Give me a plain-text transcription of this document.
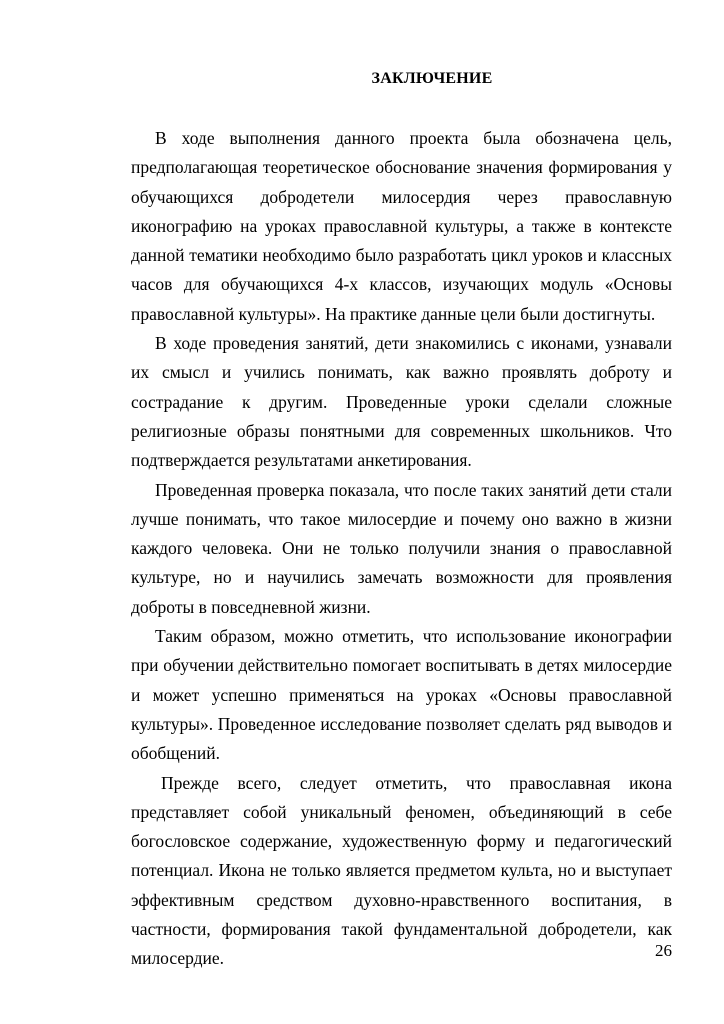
ЗАКЛЮЧЕНИЕ

В ходе выполнения данного проекта была обозначена цель, предполагающая теоретическое обоснование значения формирования у обучающихся добродетели милосердия через православную иконографию на уроках православной культуры, а также в контексте данной тематики необходимо было разработать цикл уроков и классных часов для обучающихся 4-х классов, изучающих модуль «Основы православной культуры». На практике данные цели были достигнуты.

В ходе проведения занятий, дети знакомились с иконами, узнавали их смысл и учились понимать, как важно проявлять доброту и сострадание к другим. Проведенные уроки сделали сложные религиозные образы понятными для современных школьников. Что подтверждается результатами анкетирования.

Проведенная проверка показала, что после таких занятий дети стали лучше понимать, что такое милосердие и почему оно важно в жизни каждого человека. Они не только получили знания о православной культуре, но и научились замечать возможности для проявления доброты в повседневной жизни.

Таким образом, можно отметить, что использование иконографии при обучении действительно помогает воспитывать в детях милосердие и может успешно применяться на уроках «Основы православной культуры». Проведенное исследование позволяет сделать ряд выводов и обобщений.

Прежде всего, следует отметить, что православная икона представляет собой уникальный феномен, объединяющий в себе богословское содержание, художественную форму и педагогический потенциал. Икона не только является предметом культа, но и выступает эффективным средством духовно-нравственного воспитания, в частности, формирования такой фундаментальной добродетели, как милосердие.	26
